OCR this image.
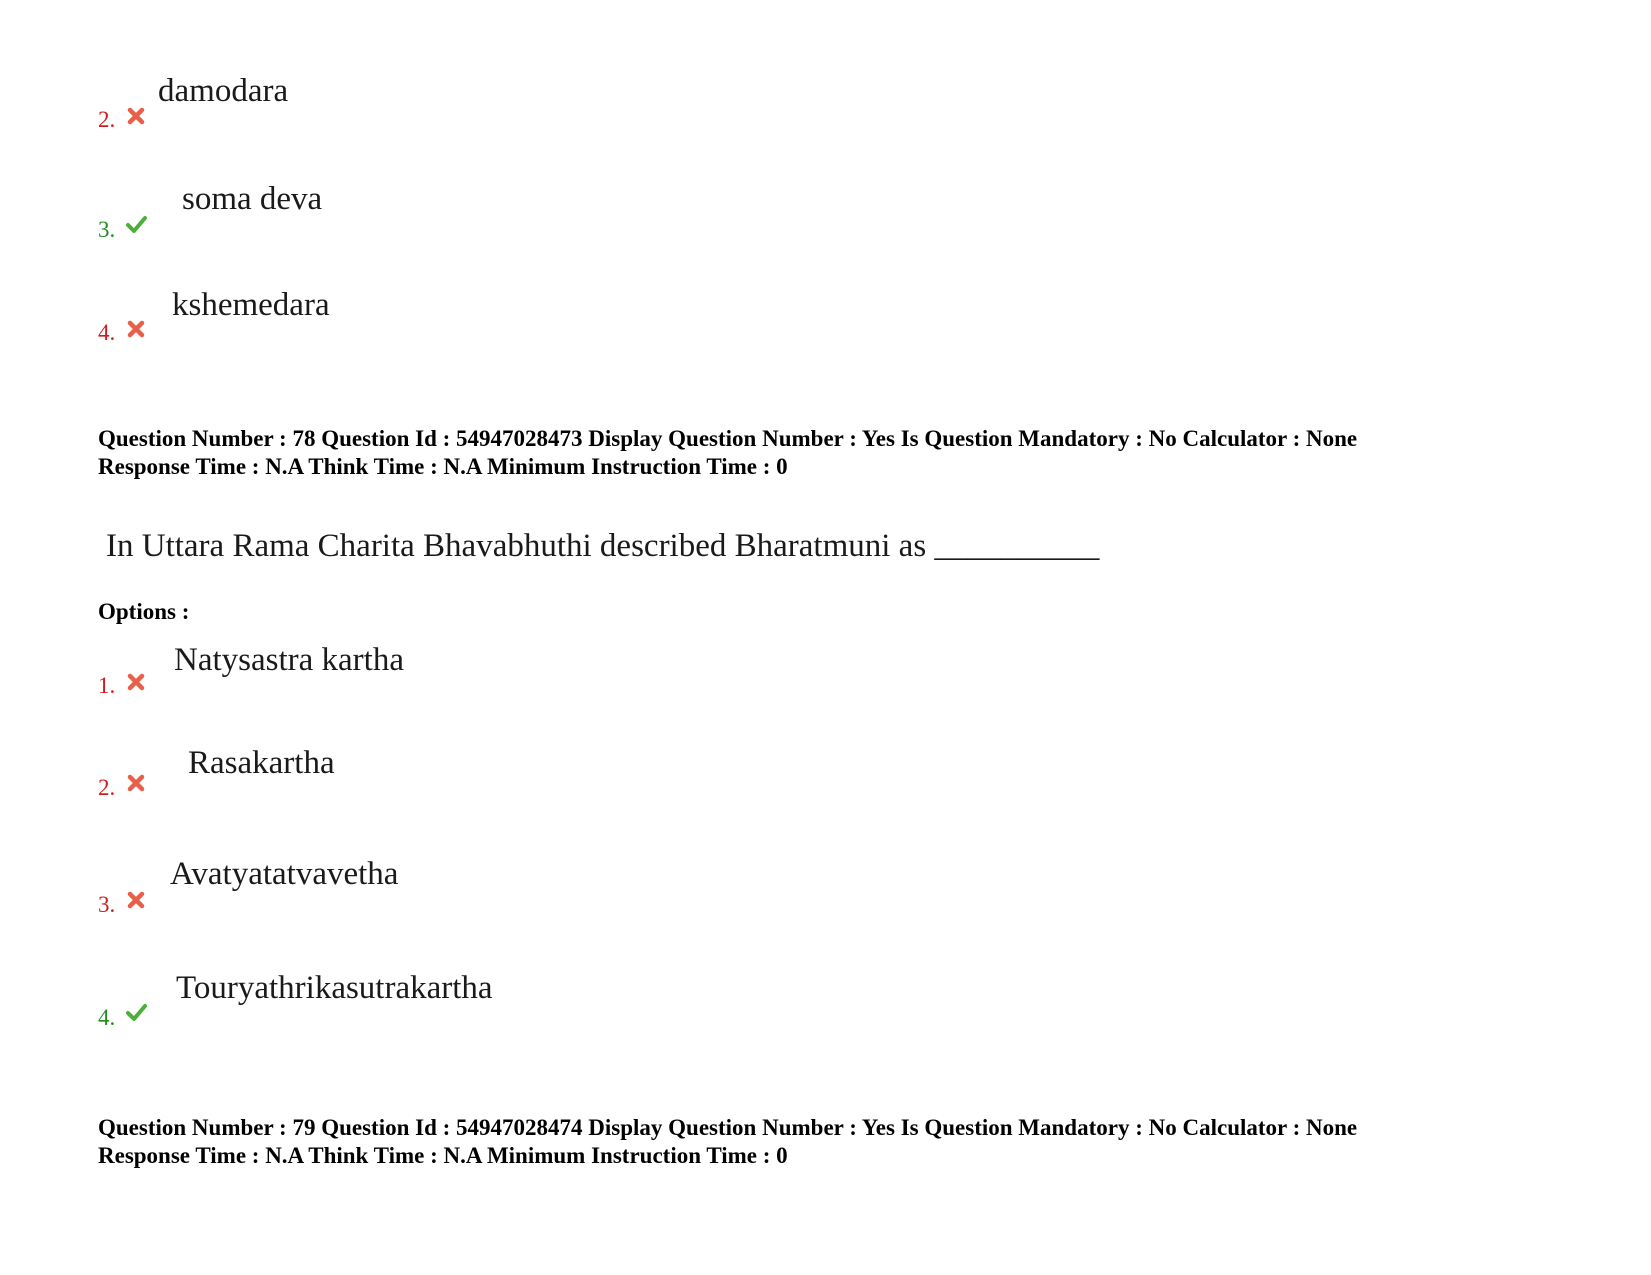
2.
damodara
3.
soma deva
4.
kshemedara
Question Number : 78 Question Id : 54947028473 Display Question Number : Yes Is Question Mandatory : No Calculator : None
Response Time : N.A Think Time : N.A Minimum Instruction Time : 0
In Uttara Rama Charita Bhavabhuthi described Bharatmuni as __________
Options :
1.
Natysastra kartha
2.
Rasakartha
3.
Avatyatatvavetha
4.
Touryathrikasutrakartha
Question Number : 79 Question Id : 54947028474 Display Question Number : Yes Is Question Mandatory : No Calculator : None
Response Time : N.A Think Time : N.A Minimum Instruction Time : 0
